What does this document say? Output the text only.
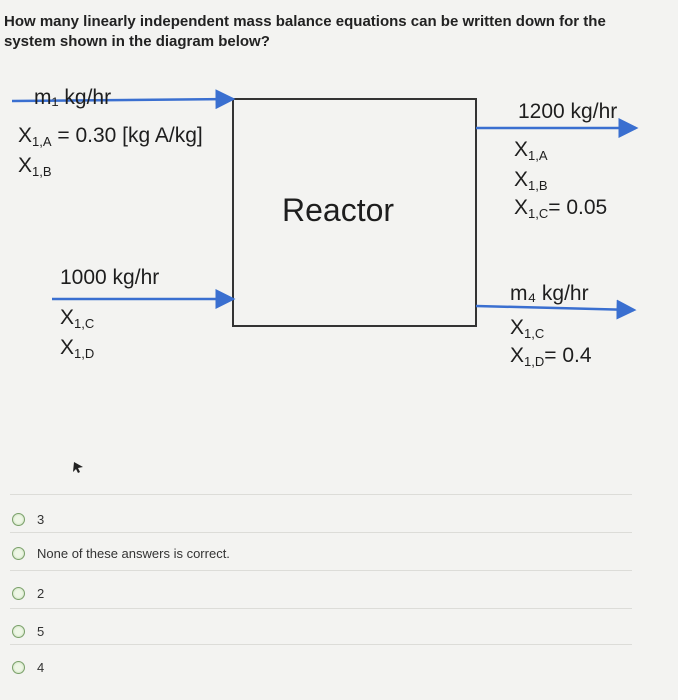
How many linearly independent mass balance equations can be written down for the system shown in the diagram below?
Reactor
m₁ kg/hr
$X_{1,A} = 0.30$ [kg A/kg]
$X_{1,B}$
1000 kg/hr
$X_{1,C}$
$X_{1,D}$
1200 kg/hr
$X_{1,A}$
$X_{1,B}$
$X_{1,C}= 0.05$
m₄ kg/hr
$X_{1,C}$
$X_{1,D}= 0.4$
3
None of these answers is correct.
2
5
4
